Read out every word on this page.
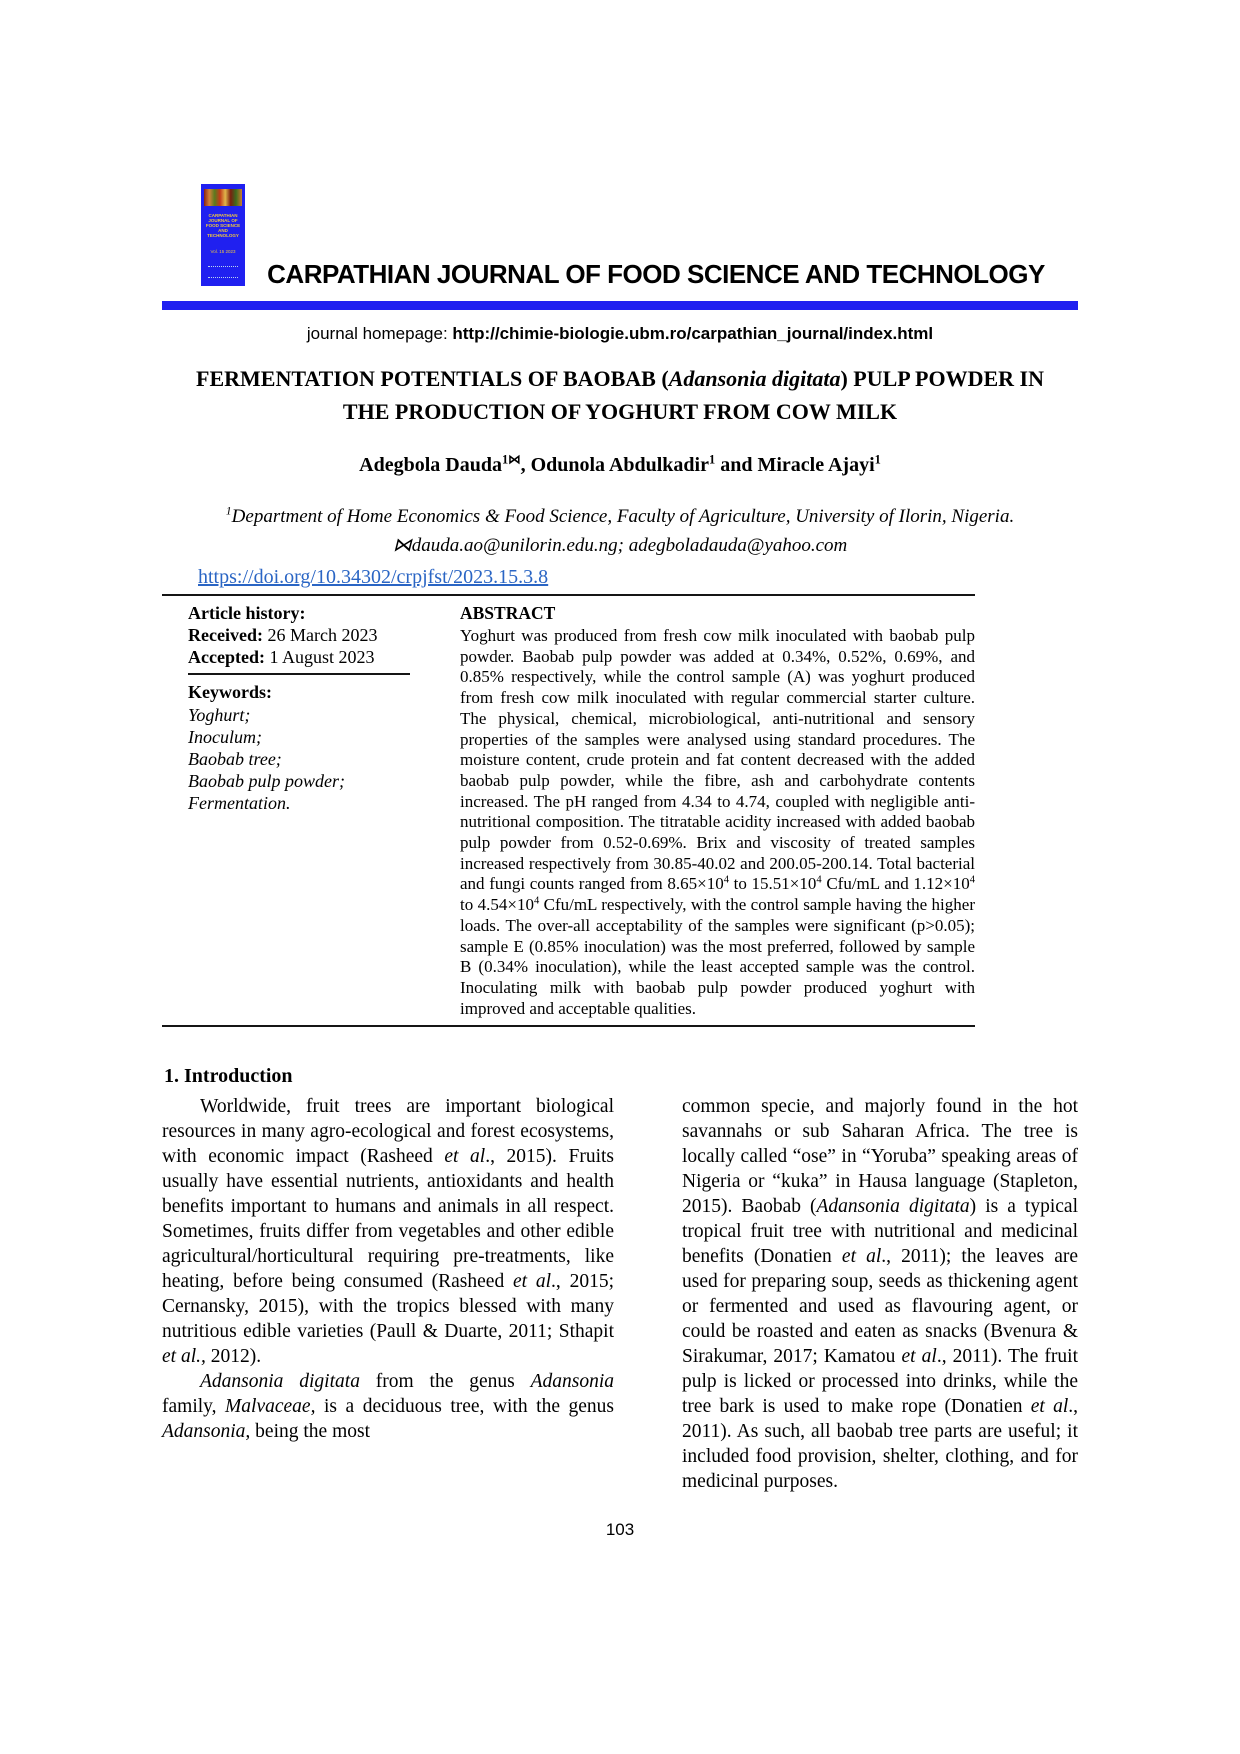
CARPATHIAN JOURNAL OF FOOD SCIENCE AND TECHNOLOGY
Vol. 15 2023
CARPATHIAN JOURNAL OF FOOD SCIENCE AND TECHNOLOGY

journal homepage: http://chimie-biologie.ubm.ro/carpathian_journal/index.html

FERMENTATION POTENTIALS OF BAOBAB (Adansonia digitata) PULP POWDER IN THE PRODUCTION OF YOGHURT FROM COW MILK

Adegbola Dauda$^{1⋈}$, Odunola Abdulkadir$^1$ and Miracle Ajayi$^1$

$^1$Department of Home Economics & Food Science, Faculty of Agriculture, University of Ilorin, Nigeria.

⋈dauda.ao@unilorin.edu.ng; adegboladauda@yahoo.com

https://doi.org/10.34302/crpjfst/2023.15.3.8

Article history:
Received: 26 March 2023
Accepted: 1 August 2023
Keywords:
Yoghurt;
Inoculum;
Baobab tree;
Baobab pulp powder;
Fermentation.

ABSTRACT

Yoghurt was produced from fresh cow milk inoculated with baobab pulp powder. Baobab pulp powder was added at 0.34%, 0.52%, 0.69%, and 0.85% respectively, while the control sample (A) was yoghurt produced from fresh cow milk inoculated with regular commercial starter culture. The physical, chemical, microbiological, anti-nutritional and sensory properties of the samples were analysed using standard procedures. The moisture content, crude protein and fat content decreased with the added baobab pulp powder, while the fibre, ash and carbohydrate contents increased. The pH ranged from 4.34 to 4.74, coupled with negligible anti-nutritional composition. The titratable acidity increased with added baobab pulp powder from 0.52-0.69%. Brix and viscosity of treated samples increased respectively from 30.85-40.02 and 200.05-200.14. Total bacterial and fungi counts ranged from $8.65\times 10^4$ to $15.51\times 10^4$ Cfu/mL and $1.12\times 10^4$ to $4.54\times 10^4$ Cfu/mL respectively, with the control sample having the higher loads. The over-all acceptability of the samples were significant (p>0.05); sample E (0.85% inoculation) was the most preferred, followed by sample B (0.34% inoculation), while the least accepted sample was the control. Inoculating milk with baobab pulp powder produced yoghurt with improved and acceptable qualities.

1. Introduction

Worldwide, fruit trees are important biological resources in many agro-ecological and forest ecosystems, with economic impact (Rasheed et al., 2015). Fruits usually have essential nutrients, antioxidants and health benefits important to humans and animals in all respect. Sometimes, fruits differ from vegetables and other edible agricultural/horticultural requiring pre-treatments, like heating, before being consumed (Rasheed et al., 2015; Cernansky, 2015), with the tropics blessed with many nutritious edible varieties (Paull & Duarte, 2011; Sthapit et al., 2012).

Adansonia digitata from the genus Adansonia family, Malvaceae, is a deciduous tree, with the genus Adansonia, being the most

common specie, and majorly found in the hot savannahs or sub Saharan Africa. The tree is locally called “ose” in “Yoruba” speaking areas of Nigeria or “kuka” in Hausa language (Stapleton, 2015). Baobab (Adansonia digitata) is a typical tropical fruit tree with nutritional and medicinal benefits (Donatien et al., 2011); the leaves are used for preparing soup, seeds as thickening agent or fermented and used as flavouring agent, or could be roasted and eaten as snacks (Bvenura & Sirakumar, 2017; Kamatou et al., 2011). The fruit pulp is licked or processed into drinks, while the tree bark is used to make rope (Donatien et al., 2011). As such, all baobab tree parts are useful; it included food provision, shelter, clothing, and for medicinal purposes.

103
